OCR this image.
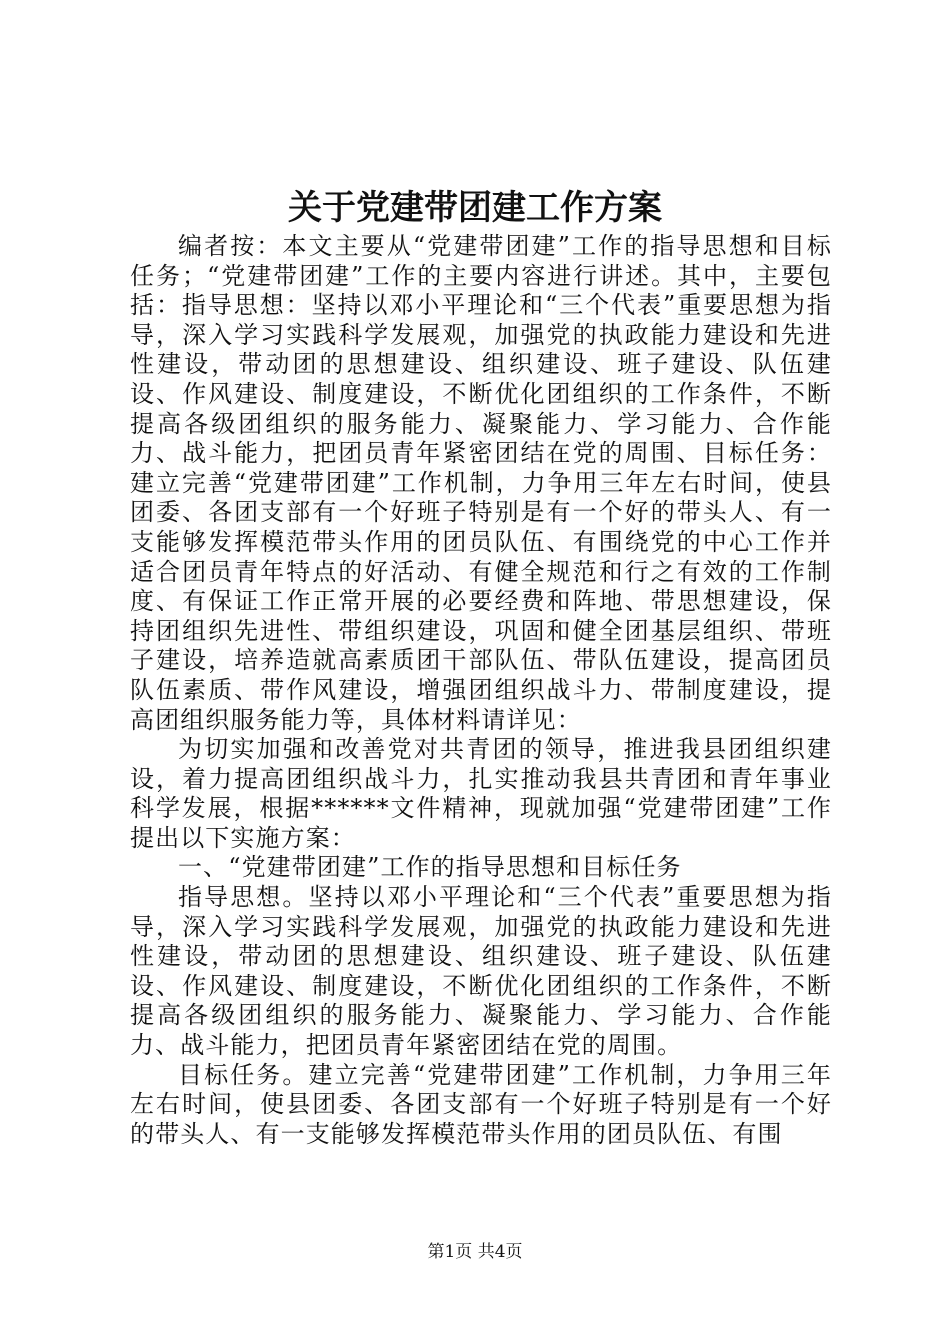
关于党建带团建工作方案

编者按：本文主要从“党建带团建”工作的指导思想和目标任务；“党建带团建”工作的主要内容进行讲述。其中，主要包括：指导思想：坚持以邓小平理论和“三个代表”重要思想为指导，深入学习实践科学发展观，加强党的执政能力建设和先进性建设，带动团的思想建设、组织建设、班子建设、队伍建设、作风建设、制度建设，不断优化团组织的工作条件，不断提高各级团组织的服务能力、凝聚能力、学习能力、合作能力、战斗能力，把团员青年紧密团结在党的周围、目标任务：建立完善“党建带团建”工作机制，力争用三年左右时间，使县团委、各团支部有一个好班子特别是有一个好的带头人、有一支能够发挥模范带头作用的团员队伍、有围绕党的中心工作并适合团员青年特点的好活动、有健全规范和行之有效的工作制度、有保证工作正常开展的必要经费和阵地、带思想建设，保持团组织先进性、带组织建设，巩固和健全团基层组织、带班子建设，培养造就高素质团干部队伍、带队伍建设，提高团员队伍素质、带作风建设，增强团组织战斗力、带制度建设，提高团组织服务能力等，具体材料请详见：

为切实加强和改善党对共青团的领导，推进我县团组织建设，着力提高团组织战斗力，扎实推动我县共青团和青年事业科学发展，根据******文件精神，现就加强“党建带团建”工作提出以下实施方案：

一、“党建带团建”工作的指导思想和目标任务

指导思想。坚持以邓小平理论和“三个代表”重要思想为指导，深入学习实践科学发展观，加强党的执政能力建设和先进性建设，带动团的思想建设、组织建设、班子建设、队伍建设、作风建设、制度建设，不断优化团组织的工作条件，不断提高各级团组织的服务能力、凝聚能力、学习能力、合作能力、战斗能力，把团员青年紧密团结在党的周围。

目标任务。建立完善“党建带团建”工作机制，力争用三年左右时间，使县团委、各团支部有一个好班子特别是有一个好的带头人、有一支能够发挥模范带头作用的团员队伍、有围

第1页 共4页
